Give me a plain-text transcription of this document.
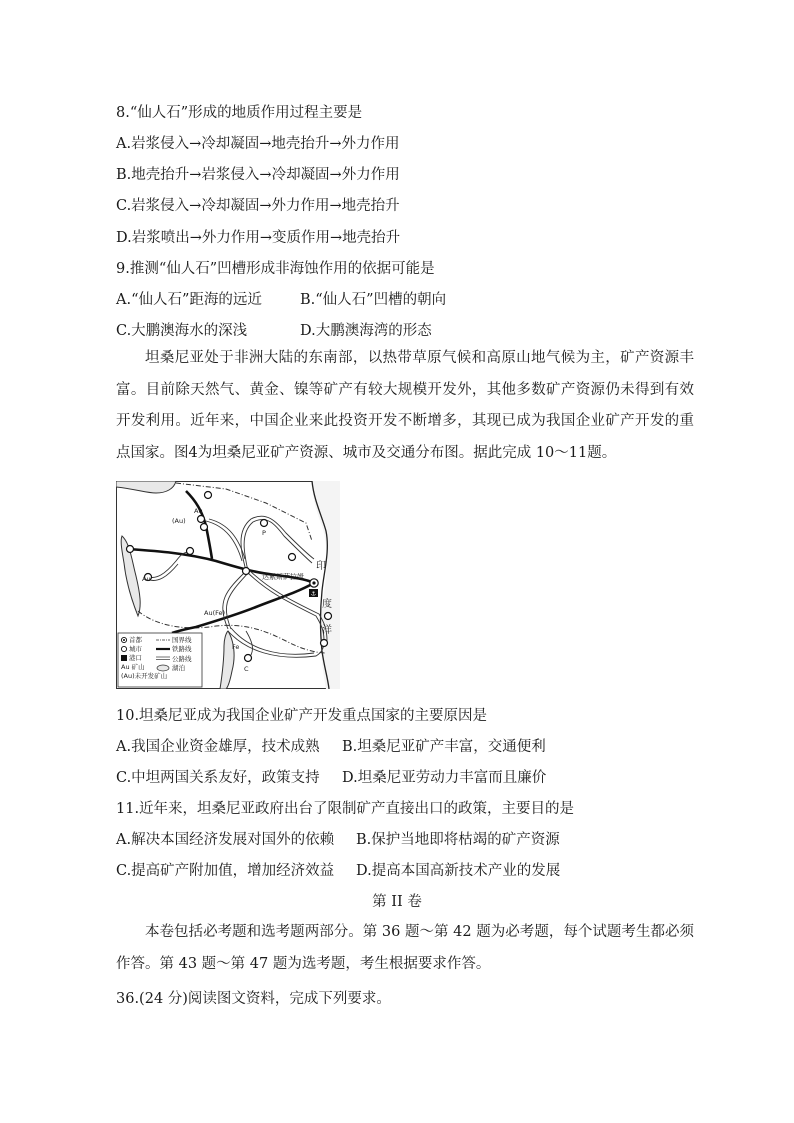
8.“仙人石”形成的地质作用过程主要是
A.岩浆侵入→冷却凝固→地壳抬升→外力作用
B.地壳抬升→岩浆侵入→冷却凝固→外力作用
C.岩浆侵入→冷却凝固→外力作用→地壳抬升
D.岩浆喷出→外力作用→变质作用→地壳抬升
9.推测“仙人石”凹槽形成非海蚀作用的依据可能是
A.“仙人石”距海的远近	B.“仙人石”凹槽的朝向
C.大鹏澳海水的深浅	D.大鹏澳海湾的形态
坦桑尼亚处于非洲大陆的东南部，以热带草原气候和高原山地气候为主，矿产资源丰富。目前除天然气、黄金、镍等矿产有较大规模开发外，其他多数矿产资源仍未得到有效开发利用。近年来，中国企业来此投资开发不断增多，其现已成为我国企业矿产开发的重点国家。图4为坦桑尼亚矿产资源、城市及交通分布图。据此完成 10～11题。
⚓
Au
(Au)
Au
P
Au(Fe)
Fe
C
达累斯萨拉姆
印
度
洋
首都
城市
港口
Au 矿山
(Au)未开发矿山
国界线
铁路线
公路线
湖泊
10.坦桑尼亚成为我国企业矿产开发重点国家的主要原因是
A.我国企业资金雄厚，技术成熟 B.坦桑尼亚矿产丰富，交通便利
C.中坦两国关系友好，政策支持 D.坦桑尼亚劳动力丰富而且廉价
11.近年来，坦桑尼亚政府出台了限制矿产直接出口的政策，主要目的是
A.解决本国经济发展对国外的依赖 B.保护当地即将枯竭的矿产资源
C.提高矿产附加值，增加经济效益 D.提高本国高新技术产业的发展
第 II 卷
本卷包括必考题和选考题两部分。第 36 题～第 42 题为必考题，每个试题考生都必须作答。第 43 题～第 47 题为选考题，考生根据要求作答。
36.(24 分)阅读图文资料，完成下列要求。
